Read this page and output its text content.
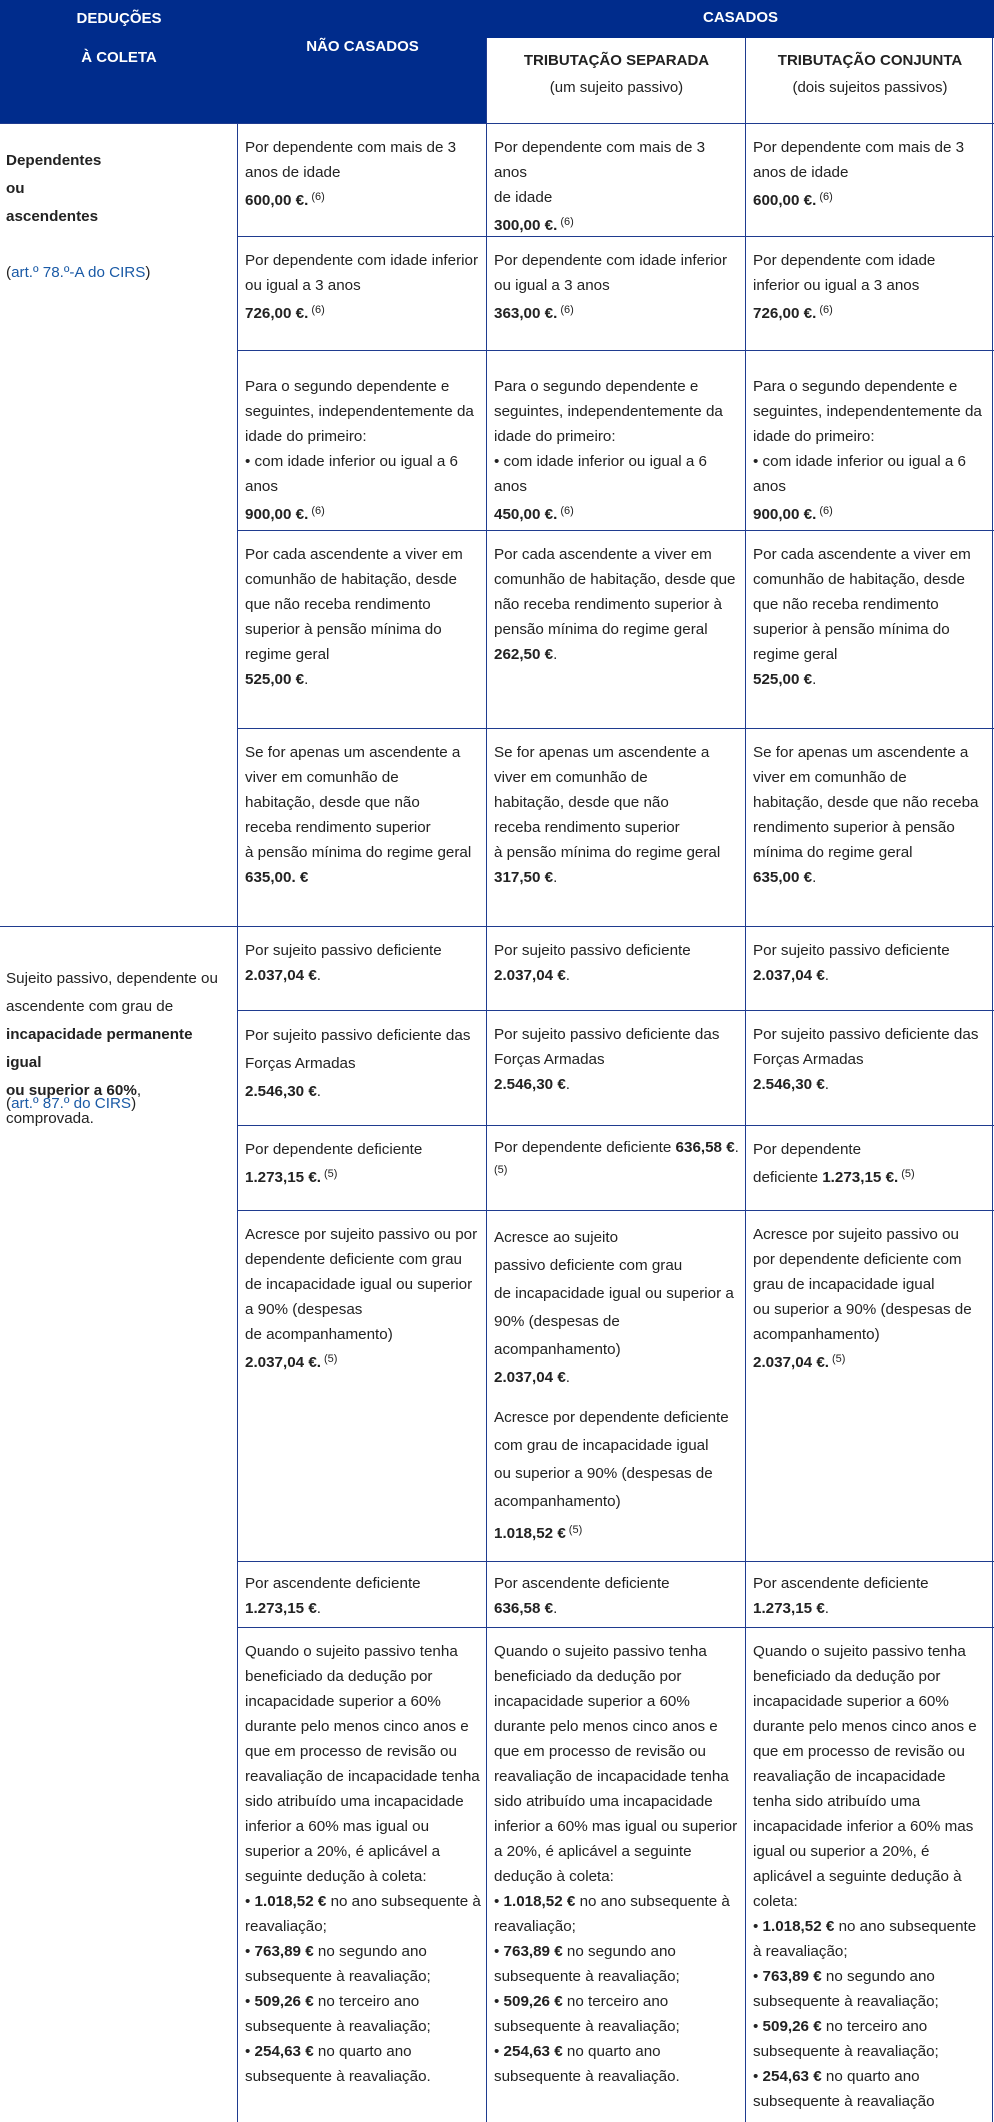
DEDUÇÕES
À COLETA
NÃO CASADOS
CASADOS
TRIBUTAÇÃO SEPARADA
(um sujeito passivo)
TRIBUTAÇÃO CONJUNTA
(dois sujeitos passivos)
Dependentes
ou
ascendentes
(art.º 78.º-A do CIRS)
Sujeito passivo, dependente ou
ascendente com grau de
incapacidade permanente igual
ou superior a 60%, comprovada.
(art.º 87.º do CIRS)
Por dependente com mais de 3
anos de idade
600,00 €. $^{(6)}$
Por dependente com mais de 3 anos
de idade
300,00 €. $^{(6)}$
Por dependente com mais de 3
anos de idade
600,00 €. $^{(6)}$
Por dependente com idade inferior
ou igual a 3 anos
726,00 €. $^{(6)}$
Por dependente com idade inferior
ou igual a 3 anos
363,00 €. $^{(6)}$
Por dependente com idade
inferior ou igual a 3 anos
726,00 €. $^{(6)}$
Para o segundo dependente e
seguintes, independentemente da
idade do primeiro:
• com idade inferior ou igual a 6
anos
900,00 €. $^{(6)}$
Para o segundo dependente e
seguintes, independentemente da
idade do primeiro:
• com idade inferior ou igual a 6
anos
450,00 €. $^{(6)}$
Para o segundo dependente e
seguintes, independentemente da
idade do primeiro:
• com idade inferior ou igual a 6
anos
900,00 €. $^{(6)}$
Por cada ascendente a viver em
comunhão de habitação, desde
que não receba rendimento
superior à pensão mínima do
regime geral
525,00 €.
Por cada ascendente a viver em
comunhão de habitação, desde que
não receba rendimento superior à
pensão mínima do regime geral
262,50 €.
Por cada ascendente a viver em
comunhão de habitação, desde
que não receba rendimento
superior à pensão mínima do
regime geral
525,00 €.
Se for apenas um ascendente a
viver em comunhão de
habitação, desde que não
receba rendimento superior
à pensão mínima do regime geral
635,00. €
Se for apenas um ascendente a
viver em comunhão de
habitação, desde que não
receba rendimento superior
à pensão mínima do regime geral
317,50 €.
Se for apenas um ascendente a
viver em comunhão de
habitação, desde que não receba
rendimento superior à pensão
mínima do regime geral
635,00 €.
Por sujeito passivo deficiente
2.037,04 €.
Por sujeito passivo deficiente
2.037,04 €.
Por sujeito passivo deficiente
2.037,04 €.
Por sujeito passivo deficiente das
Forças Armadas
2.546,30 €.
Por sujeito passivo deficiente das
Forças Armadas
2.546,30 €.
Por sujeito passivo deficiente das
Forças Armadas
2.546,30 €.
Por dependente deficiente
1.273,15 €. $^{(5)}$
Por dependente deficiente 636,58 €.
(5)
Por dependente
deficiente 1.273,15 €. $^{(5)}$
Acresce por sujeito passivo ou por
dependente deficiente com grau
de incapacidade igual ou superior
a 90% (despesas
de acompanhamento)
2.037,04 €. $^{(5)}$
Acresce ao sujeito
passivo deficiente com grau
de incapacidade igual ou superior a
90% (despesas de
acompanhamento)
2.037,04 €.
Acresce por dependente deficiente
com grau de incapacidade igual
ou superior a 90% (despesas de
acompanhamento)
1.018,52 € $^{(5)}$
Acresce por sujeito passivo ou
por dependente deficiente com
grau de incapacidade igual
ou superior a 90% (despesas de
acompanhamento)
2.037,04 €. $^{(5)}$
Por ascendente deficiente
1.273,15 €.
Por ascendente deficiente
636,58 €.
Por ascendente deficiente
1.273,15 €.
Quando o sujeito passivo tenha
beneficiado da dedução por
incapacidade superior a 60%
durante pelo menos cinco anos e
que em processo de revisão ou
reavaliação de incapacidade tenha
sido atribuído uma incapacidade
inferior a 60% mas igual ou
superior a 20%, é aplicável a
seguinte dedução à coleta:
• 1.018,52 € no ano subsequente à
reavaliação;
• 763,89 € no segundo ano
subsequente à reavaliação;
• 509,26 € no terceiro ano
subsequente à reavaliação;
• 254,63 € no quarto ano
subsequente à reavaliação.
Quando o sujeito passivo tenha
beneficiado da dedução por
incapacidade superior a 60%
durante pelo menos cinco anos e
que em processo de revisão ou
reavaliação de incapacidade tenha
sido atribuído uma incapacidade
inferior a 60% mas igual ou superior
a 20%, é aplicável a seguinte
dedução à coleta:
• 1.018,52 € no ano subsequente à
reavaliação;
• 763,89 € no segundo ano
subsequente à reavaliação;
• 509,26 € no terceiro ano
subsequente à reavaliação;
• 254,63 € no quarto ano
subsequente à reavaliação.
Quando o sujeito passivo tenha
beneficiado da dedução por
incapacidade superior a 60%
durante pelo menos cinco anos e
que em processo de revisão ou
reavaliação de incapacidade
tenha sido atribuído uma
incapacidade inferior a 60% mas
igual ou superior a 20%, é
aplicável a seguinte dedução à
coleta:
• 1.018,52 € no ano subsequente
à reavaliação;
• 763,89 € no segundo ano
subsequente à reavaliação;
• 509,26 € no terceiro ano
subsequente à reavaliação;
• 254,63 € no quarto ano
subsequente à reavaliação
